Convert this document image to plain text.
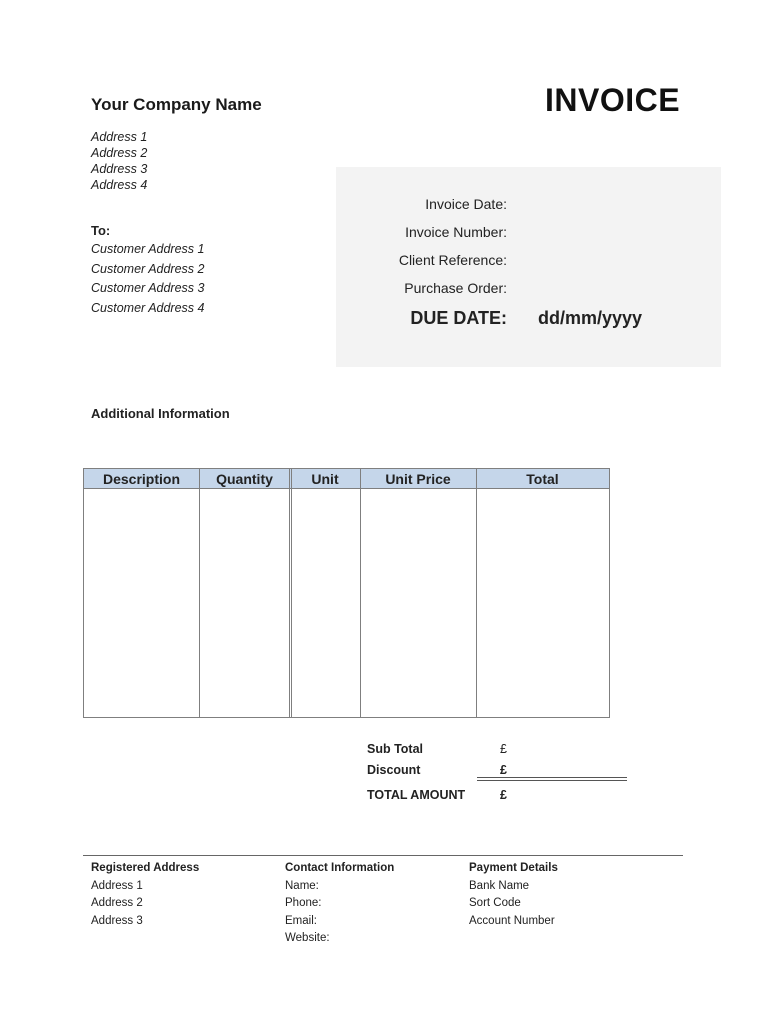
Your Company Name	INVOICE
Address 1
Address 2
Address 3
Address 4
To:
Customer Address 1
Customer Address 2
Customer Address 3
Customer Address 4
Invoice Date:
Invoice Number:
Client Reference:
Purchase Order:
DUE DATE: dd/mm/yyyy
Additional Information
Description	Quantity	Unit	Unit Price	Total
Sub Total	£
Discount	£
TOTAL AMOUNT	£
Registered Address
Address 1
Address 2
Address 3
Contact Information
Name:
Phone:
Email:
Website:
Payment Details
Bank Name
Sort Code
Account Number
